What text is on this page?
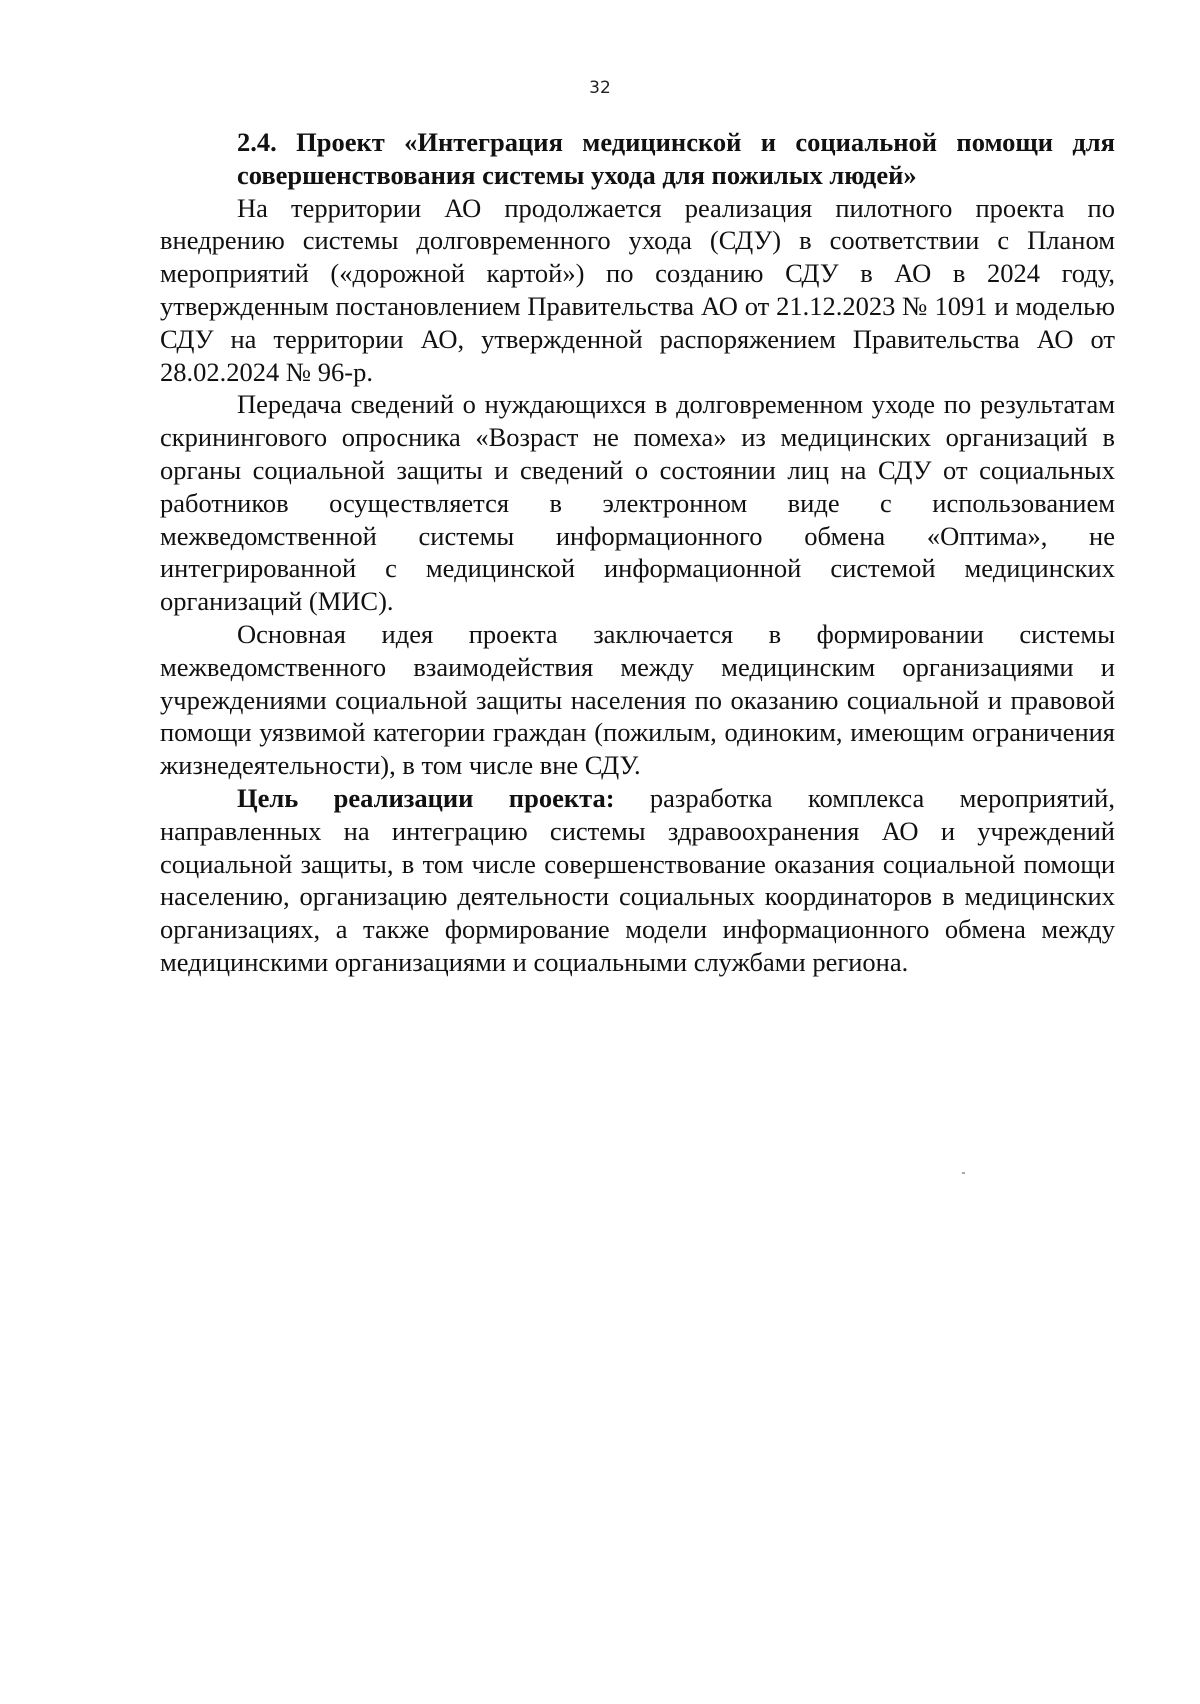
32
2.4. Проект «Интеграция медицинской и социальной помощи для совершенствования системы ухода для пожилых людей»

На территории АО продолжается реализация пилотного проекта по внедрению системы долговременного ухода (СДУ) в соответствии с Планом мероприятий («дорожной картой») по созданию СДУ в АО в 2024 году, утвержденным постановлением Правительства АО от 21.12.2023 № 1091 и моделью СДУ на территории АО, утвержденной распоряжением Правительства АО от 28.02.2024 № 96-р.

Передача сведений о нуждающихся в долговременном уходе по результатам скринингового опросника «Возраст не помеха» из медицинских организаций в органы социальной защиты и сведений о состоянии лиц на СДУ от социальных работников осуществляется в электронном виде с использованием межведомственной системы информационного обмена «Оптима», не интегрированной с медицинской информационной системой медицинских организаций (МИС).

Основная идея проекта заключается в формировании системы межведомственного взаимодействия между медицинским организациями и учреждениями социальной защиты населения по оказанию социальной и правовой помощи уязвимой категории граждан (пожилым, одиноким, имеющим ограничения жизнедеятельности), в том числе вне СДУ.

Цель реализации проекта: разработка комплекса мероприятий, направленных на интеграцию системы здравоохранения АО и учреждений социальной защиты, в том числе совершенствование оказания социальной помощи населению, организацию деятельности социальных координаторов в медицинских организациях, а также формирование модели информационного обмена между медицинскими организациями и социальными службами региона.
